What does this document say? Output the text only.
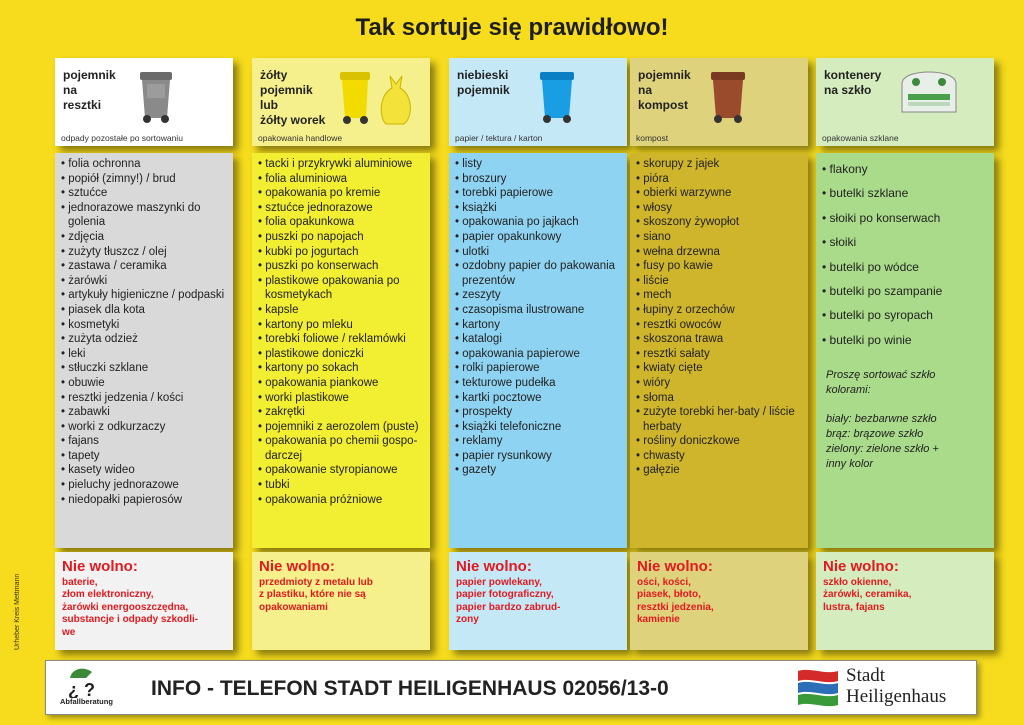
Tak sortuje się prawidłowo!
Urheber Kreis Mettmann
pojemnik
na
resztki
odpady pozostałe po sortowaniu
• folia ochronna
• popiół (zimny!) / brud
• sztućce
• jednorazowe maszynki do golenia
• zdjęcia
• zużyty tłuszcz / olej
• zastawa / ceramika
• żarówki
• artykuły higieniczne / podpaski
• piasek dla kota
• kosmetyki
• zużyta odzież
• leki
• stłuczki szklane
• obuwie
• resztki jedzenia / kości
• zabawki
• worki z odkurzaczy
• fajans
• tapety
• kasety wideo
• pieluchy jednorazowe
• niedopałki papierosów
Nie wolno:
baterie,
złom elektroniczny,
żarówki energooszczędna,
substancje i odpady szkodli-
we
żółty
pojemnik
lub
żółty worek
opakowania handlowe
• tacki i przykrywki aluminiowe
• folia aluminiowa
• opakowania po kremie
• sztućce jednorazowe
• folia opakunkowa
• puszki po napojach
• kubki po jogurtach
• puszki po konserwach
• plastikowe opakowania po kosmetykach
• kapsle
• kartony po mleku
• torebki foliowe / reklamówki
• plastikowe doniczki
• kartony po sokach
• opakowania piankowe
• worki plastikowe
• zakrętki
• pojemniki z aerozolem (puste)
• opakowania po chemii gospo-darczej
• opakowanie styropianowe
• tubki
• opakowania próżniowe
Nie wolno:
przedmioty z metalu lub
z plastiku, które nie są
opakowaniami
niebieski
pojemnik
papier / tektura / karton
• listy
• broszury
• torebki papierowe
• książki
• opakowania po jajkach
• papier opakunkowy
• ulotki
• ozdobny papier do pakowania prezentów
• zeszyty
• czasopisma ilustrowane
• kartony
• katalogi
• opakowania papierowe
• rolki papierowe
• tekturowe pudełka
• kartki pocztowe
• prospekty
• książki telefoniczne
• reklamy
• papier rysunkowy
• gazety
Nie wolno:
papier powlekany,
papier fotograficzny,
papier bardzo zabrud-
zony
pojemnik
na
kompost
kompost
• skorupy z jajek
• pióra
• obierki warzywne
• włosy
• skoszony żywopłot
• siano
• wełna drzewna
• fusy po kawie
• liście
• mech
• łupiny z orzechów
• resztki owoców
• skoszona trawa
• resztki sałaty
• kwiaty cięte
• wióry
• słoma
• zużyte torebki her-baty / liście herbaty
• rośliny doniczkowe
• chwasty
• gałęzie
Nie wolno:
ości, kości,
piasek, błoto,
resztki jedzenia,
kamienie
kontenery
na szkło
opakowania szklane
• flakony
• butelki szklane
• słoiki po konserwach
• słoiki
• butelki po wódce
• butelki po szampanie
• butelki po syropach
• butelki po winie
Proszę sortować szkło
kolorami:
biały: bezbarwne szkło
brąz: brązowe szkło
zielony: zielone szkło +
inny kolor
Nie wolno:
szkło okienne,
żarówki, ceramika,
lustra, fajans
¿ ?
Abfallberatung
INFO - TELEFON STADT HEILIGENHAUS 02056/13-0
Stadt
Heiligenhaus
